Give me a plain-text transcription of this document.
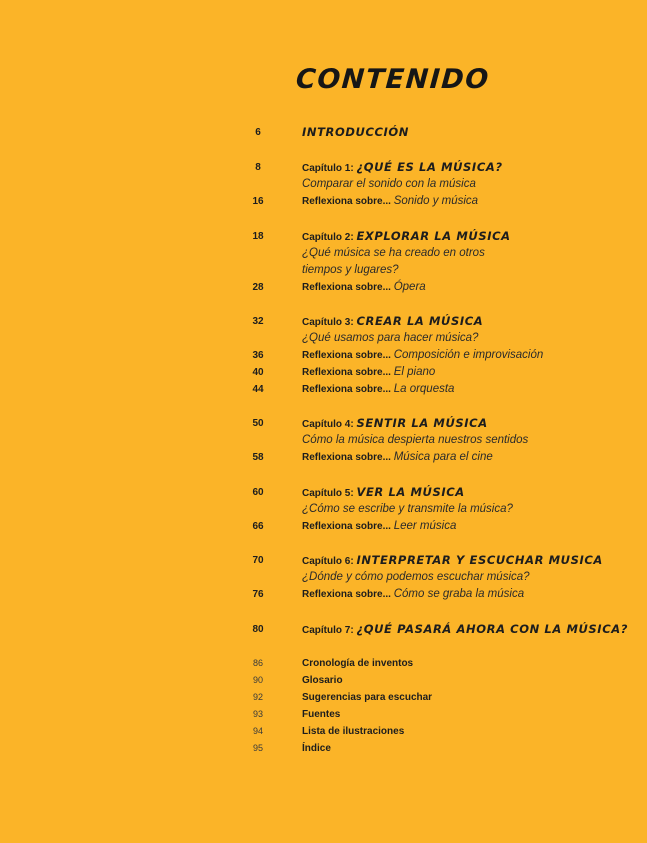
CONTENIDO
6	INTRODUCCIÓN
8	Capítulo 1: ¿QUÉ ES LA MÚSICA?
Comparar el sonido con la música
16	Reflexiona sobre... Sonido y música
18	Capítulo 2: EXPLORAR LA MÚSICA
¿Qué música se ha creado en otros
tiempos y lugares?
28	Reflexiona sobre... Ópera
32	Capítulo 3: CREAR LA MÚSICA
¿Qué usamos para hacer música?
36	Reflexiona sobre... Composición e improvisación
40	Reflexiona sobre... El piano
44	Reflexiona sobre... La orquesta
50	Capítulo 4: SENTIR LA MÚSICA
Cómo la música despierta nuestros sentidos
58	Reflexiona sobre... Música para el cine
60	Capítulo 5: VER LA MÚSICA
¿Cómo se escribe y transmite la música?
66	Reflexiona sobre... Leer música
70	Capítulo 6: INTERPRETAR Y ESCUCHAR MUSICA
¿Dónde y cómo podemos escuchar música?
76	Reflexiona sobre... Cómo se graba la música
80	Capítulo 7: ¿QUÉ PASARÁ AHORA CON LA MÚSICA?
86	Cronología de inventos
90	Glosario
92	Sugerencias para escuchar
93	Fuentes
94	Lista de ilustraciones
95	Índice
